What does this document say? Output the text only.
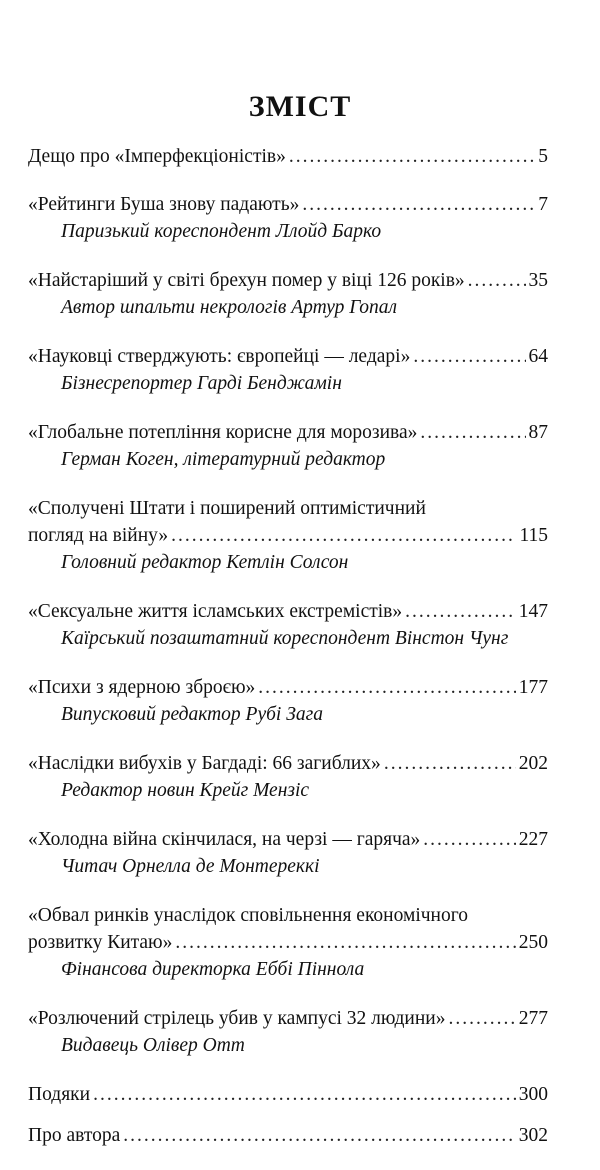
ЗМІСТ
Дещо про «Імперфекціоністів» .....	5
«Рейтинги Буша знову падають» .....	7
Паризький кореспондент Ллойд Барко
«Найстаріший у світі брехун помер у віці 126 років» .....	35
Автор шпальти некрологів Артур Гопал
«Науковці стверджують: європейці — ледарі» .....	64
Бізнесрепортер Гарді Бенджамін
«Глобальне потепління корисне для морозива» .....	87
Герман Коген, літературний редактор
«Сполучені Штати і поширений оптимістичний
погляд на війну» .....	115
Головний редактор Кетлін Солсон
«Сексуальне життя ісламських екстремістів» .....	147
Каїрський позаштатний кореспондент Вінстон Чунг
«Психи з ядерною зброєю» .....	177
Випусковий редактор Рубі Зага
«Наслідки вибухів у Багдаді: 66 загиблих» .....	202
Редактор новин Крейг Мензіс
«Холодна війна скінчилася, на черзі — гаряча» .....	227
Читач Орнелла де Монтереккі
«Обвал ринків унаслідок сповільнення економічного
розвитку Китаю» .....	250
Фінансова директорка Еббі Піннола
«Розлючений стрілець убив у кампусі 32 людини» .....	277
Видавець Олівер Отт
Подяки .....	300
Про автора .....	302
